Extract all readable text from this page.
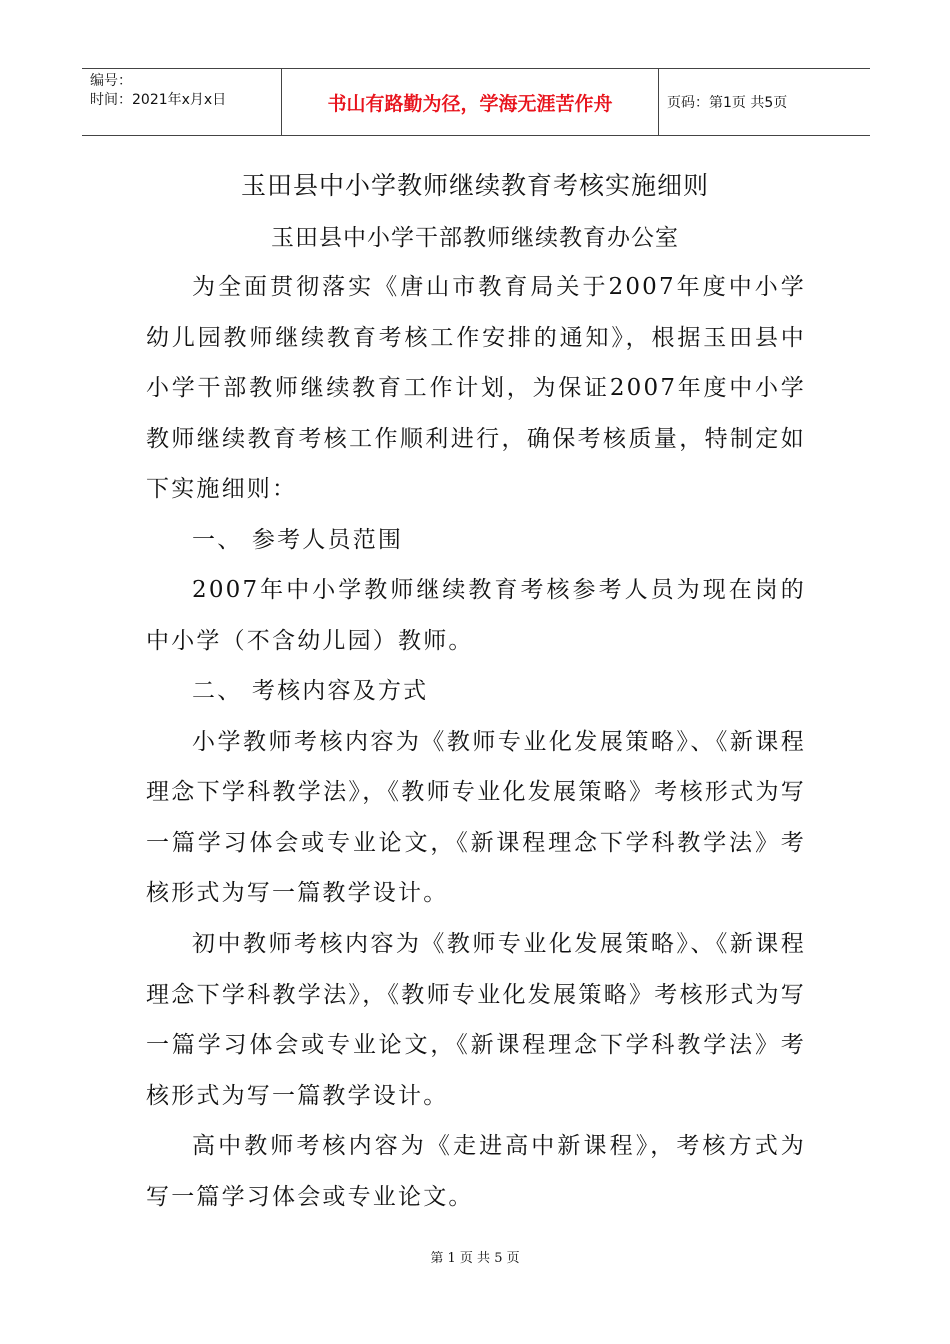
编号：
时间：2021年x月x日	书山有路勤为径，学海无涯苦作舟	页码：第1页 共5页
玉田县中小学教师继续教育考核实施细则
玉田县中小学干部教师继续教育办公室

为全面贯彻落实《唐山市教育局关于2007年度中小学幼儿园教师继续教育考核工作安排的通知》，根据玉田县中小学干部教师继续教育工作计划，为保证2007年度中小学教师继续教育考核工作顺利进行，确保考核质量，特制定如下实施细则：

一、 参考人员范围

2007年中小学教师继续教育考核参考人员为现在岗的中小学（不含幼儿园）教师。

二、 考核内容及方式

小学教师考核内容为《教师专业化发展策略》、《新课程理念下学科教学法》，《教师专业化发展策略》考核形式为写一篇学习体会或专业论文，《新课程理念下学科教学法》考核形式为写一篇教学设计。

初中教师考核内容为《教师专业化发展策略》、《新课程理念下学科教学法》，《教师专业化发展策略》考核形式为写一篇学习体会或专业论文，《新课程理念下学科教学法》考核形式为写一篇教学设计。

高中教师考核内容为《走进高中新课程》，考核方式为写一篇学习体会或专业论文。

第 1 页 共 5 页
